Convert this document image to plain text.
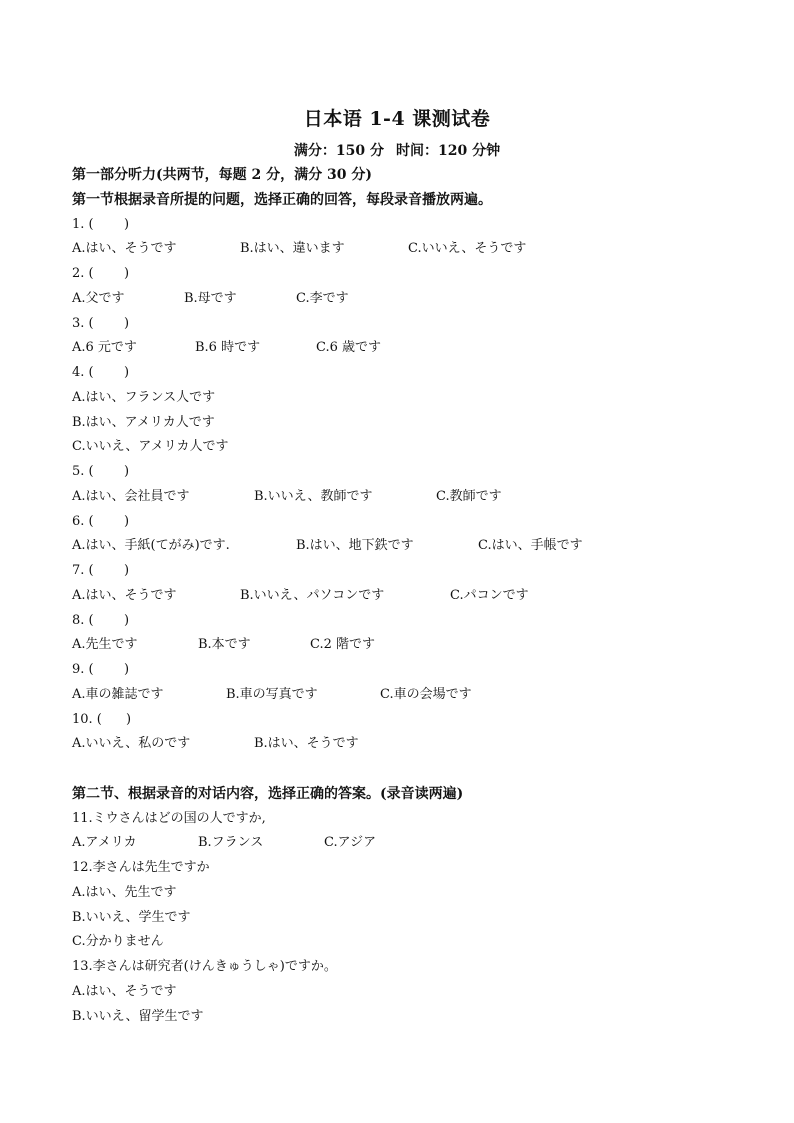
日本语 1-4 课测试卷
满分：150 分 时间：120 分钟
第一部分听力(共两节，每题 2 分，满分 30 分)
第一节根据录音所提的问题，选择正确的回答，每段录音播放两遍。
1. ( )
A.はい、そうです	B.はい、違います	C.いいえ、そうです
2. ( )
A.父です	B.母です	C.李です
3. ( )
A.6 元です	B.6 時です	C.6 歳です
4. ( )
A.はい、フランス人です
B.はい、アメリカ人です
C.いいえ、アメリカ人です
5. ( )
A.はい、会社員です	B.いいえ、教師です	C.教師です
6. ( )
A.はい、手紙(てがみ)です.	B.はい、地下鉄です	C.はい、手帳です
7. ( )
A.はい、そうです	B.いいえ、パソコンです	C.パコンです
8. ( )
A.先生です	B.本です	C.2 階です
9. ( )
A.車の雑誌です	B.車の写真です	C.車の会場です
10. ( )
A.いいえ、私のです	B.はい、そうです
第二节、根据录音的对话内容，选择正确的答案。(录音读两遍)
11.ミウさんはどの国の人ですか,
A.アメリカ	B.フランス	C.アジア
12.李さんは先生ですか
A.はい、先生です
B.いいえ、学生です
C.分かりません
13.李さんは研究者(けんきゅうしゃ)ですか。
A.はい、そうです
B.いいえ、留学生です
